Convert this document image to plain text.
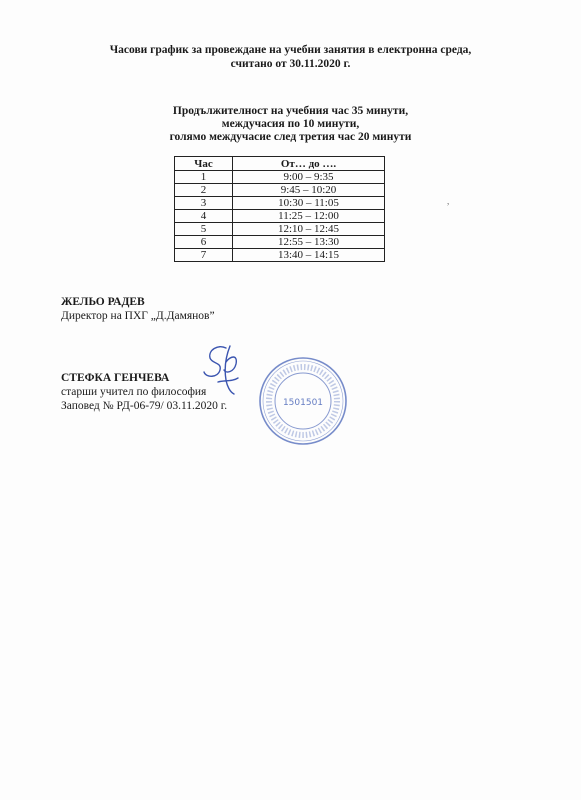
Часови график за провеждане на учебни занятия в електронна среда,
считано от 30.11.2020 г.
Продължителност на учебния час 35 минути,
междучасия по 10 минути,
голямо междучасие след третия час 20 минути
Час	От… до ….
1	9:00 – 9:35
2	9:45 – 10:20
3	10:30 – 11:05
4	11:25 – 12:00
5	12:10 – 12:45
6	12:55 – 13:30
7	13:40 – 14:15
,
ЖЕЛЬО РАДЕВ
Директор на ПХГ „Д.Дамянов”
СТЕФКА ГЕНЧЕВА
старши учител по философия
Заповед № РД-06-79/ 03.11.2020 г.	1501501
